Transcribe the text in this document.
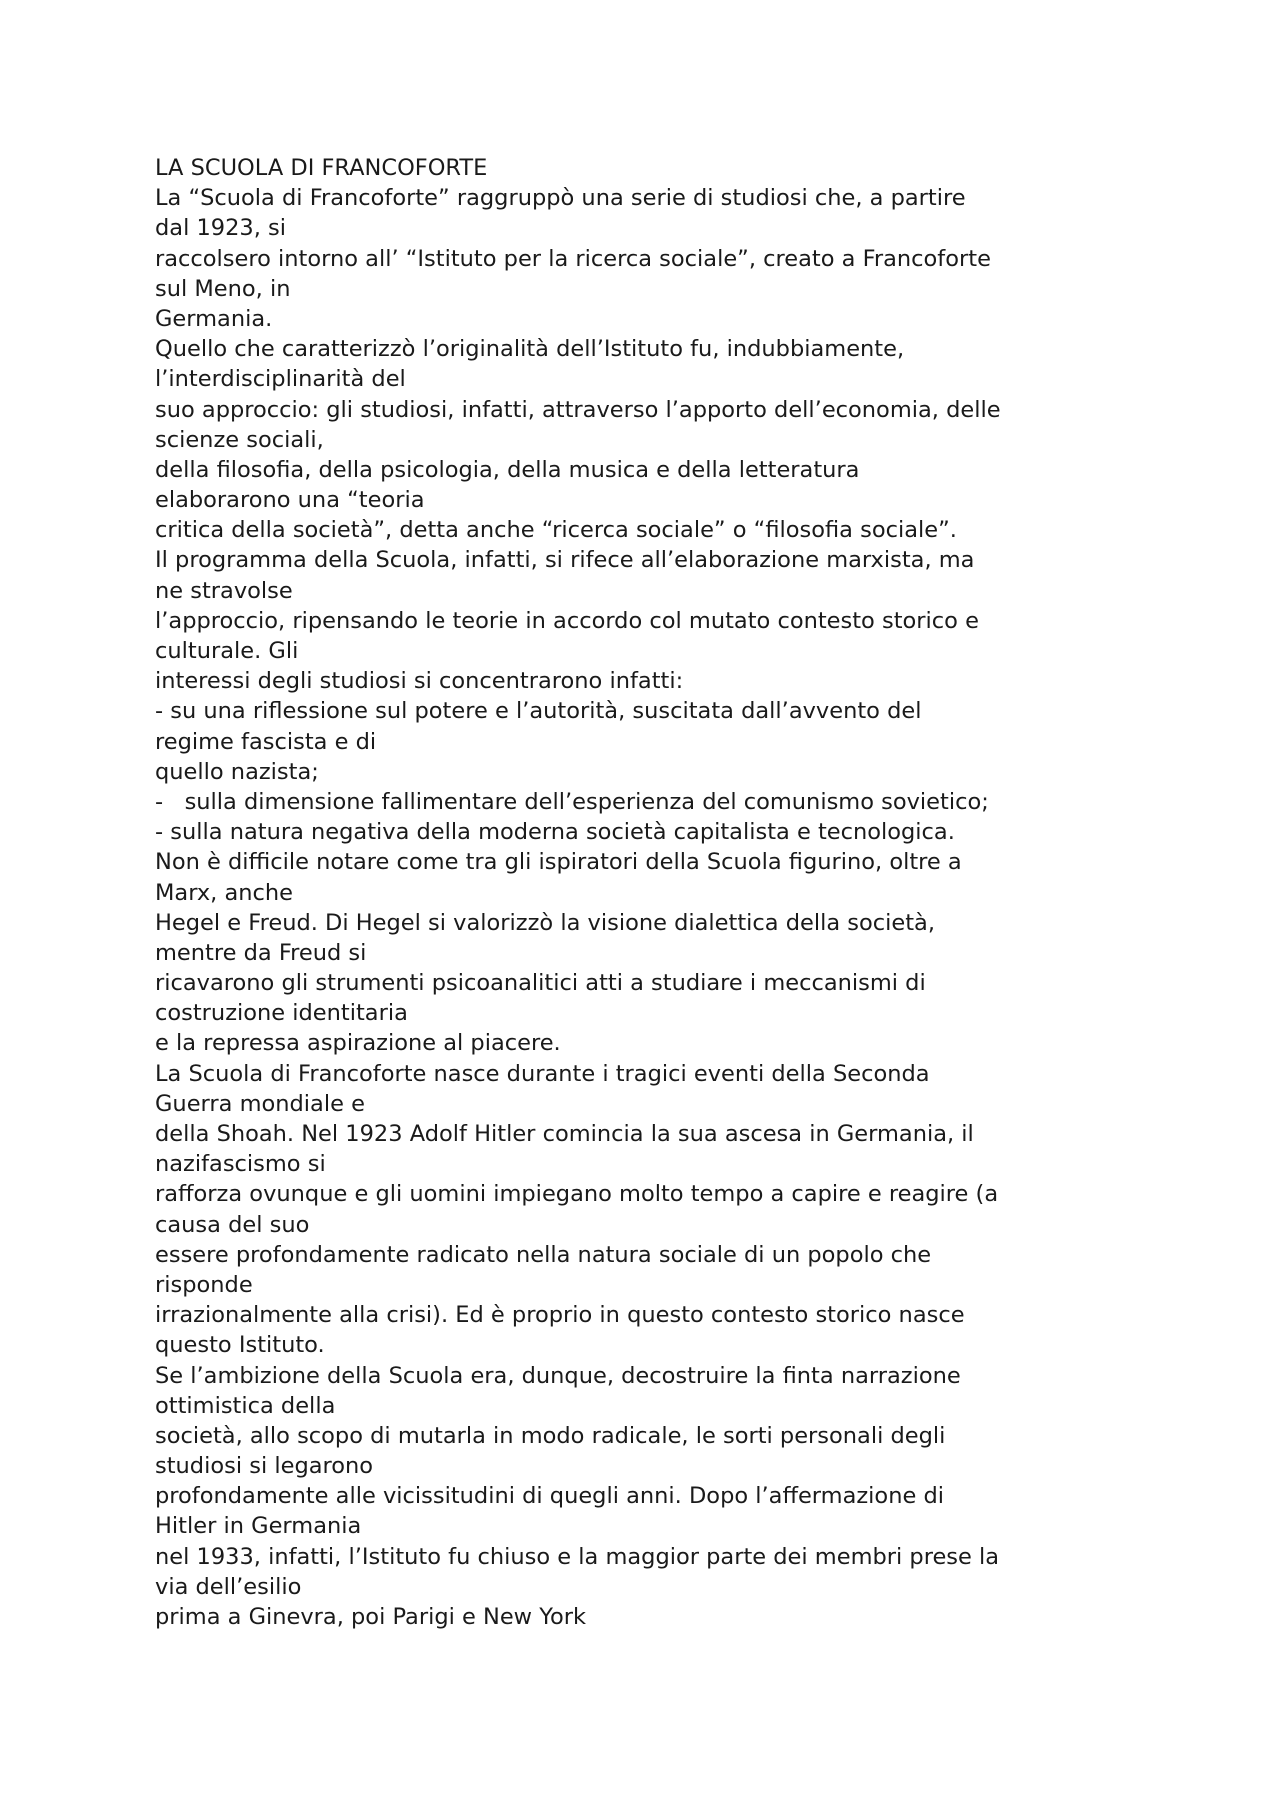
LA SCUOLA DI FRANCOFORTE

La “Scuola di Francoforte” raggruppò una serie di studiosi che, a partire

dal 1923, si

raccolsero intorno all’ “Istituto per la ricerca sociale”, creato a Francoforte

sul Meno, in

Germania.

Quello che caratterizzò l’originalità dell’Istituto fu, indubbiamente,

l’interdisciplinarità del

suo approccio: gli studiosi, infatti, attraverso l’apporto dell’economia, delle

scienze sociali,

della filosofia, della psicologia, della musica e della letteratura

elaborarono una “teoria

critica della società”, detta anche “ricerca sociale” o “filosofia sociale”.

Il programma della Scuola, infatti, si rifece all’elaborazione marxista, ma

ne stravolse

l’approccio, ripensando le teorie in accordo col mutato contesto storico e

culturale. Gli

interessi degli studiosi si concentrarono infatti:

- su una riflessione sul potere e l’autorità, suscitata dall’avvento del

regime fascista e di

quello nazista;

-   sulla dimensione fallimentare dell’esperienza del comunismo sovietico;

- sulla natura negativa della moderna società capitalista e tecnologica.

Non è difficile notare come tra gli ispiratori della Scuola figurino, oltre a

Marx, anche

Hegel e Freud. Di Hegel si valorizzò la visione dialettica della società,

mentre da Freud si

ricavarono gli strumenti psicoanalitici atti a studiare i meccanismi di

costruzione identitaria

e la repressa aspirazione al piacere.

La Scuola di Francoforte nasce durante i tragici eventi della Seconda

Guerra mondiale e

della Shoah. Nel 1923 Adolf Hitler comincia la sua ascesa in Germania, il

nazifascismo si

rafforza ovunque e gli uomini impiegano molto tempo a capire e reagire (a

causa del suo

essere profondamente radicato nella natura sociale di un popolo che

risponde

irrazionalmente alla crisi). Ed è proprio in questo contesto storico nasce

questo Istituto.

Se l’ambizione della Scuola era, dunque, decostruire la finta narrazione

ottimistica della

società, allo scopo di mutarla in modo radicale, le sorti personali degli

studiosi si legarono

profondamente alle vicissitudini di quegli anni. Dopo l’affermazione di

Hitler in Germania

nel 1933, infatti, l’Istituto fu chiuso e la maggior parte dei membri prese la

via dell’esilio

prima a Ginevra, poi Parigi e New York
